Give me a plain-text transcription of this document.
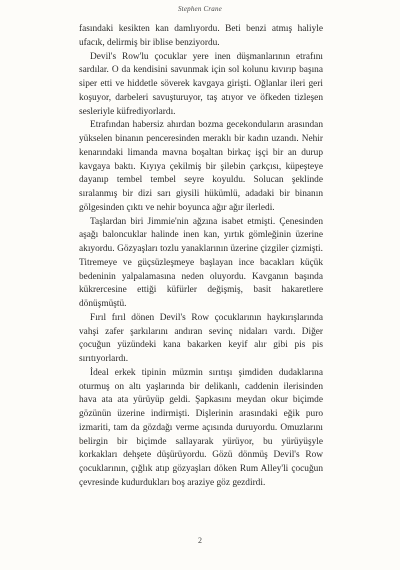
Stephen Crane

fasındaki kesikten kan damlıyordu. Beti benzi atmış haliyle ufacık, delirmiş bir iblise benziyordu.

Devil's Row'lu çocuklar yere inen düşmanlarının etrafını sardılar. O da kendisini savunmak için sol kolunu kıvırıp başına siper etti ve hiddetle söverek kavgaya girişti. Oğlanlar ileri geri koşuyor, darbeleri savuşturuyor, taş atıyor ve öfkeden tizleşen sesleriyle küfrediyorlardı.

Etrafından habersiz ahırdan bozma gecekonduların arasından yükselen binanın penceresinden meraklı bir kadın uzandı. Nehir kenarındaki limanda mavna boşaltan birkaç işçi bir an durup kavgaya baktı. Kıyıya çekilmiş bir şilebin çarkçısı, küpeşteye dayanıp tembel tembel seyre koyuldu. Solucan şeklinde sıralanmış bir dizi sarı giysili hükümlü, adadaki bir binanın gölgesinden çıktı ve nehir boyunca ağır ağır ilerledi.

Taşlardan biri Jimmie'nin ağzına isabet etmişti. Çenesinden aşağı baloncuklar halinde inen kan, yırtık gömleğinin üzerine akıyordu. Gözyaşları tozlu yanaklarının üzerine çizgiler çizmişti. Titremeye ve güçsüzleşmeye başlayan ince bacakları küçük bedeninin yalpalamasına neden oluyordu. Kavganın başında kükrercesine ettiği küfürler değişmiş, basit hakaretlere dönüşmüştü.

Fırıl fırıl dönen Devil's Row çocuklarının haykırışlarında vahşi zafer şarkılarını andıran sevinç nidaları vardı. Diğer çocuğun yüzündeki kana bakarken keyif alır gibi pis pis sırıtıyorlardı.

İdeal erkek tipinin müzmin sırıtışı şimdiden dudaklarına oturmuş on altı yaşlarında bir delikanlı, caddenin ilerisinden hava ata ata yürüyüp geldi. Şapkasını meydan okur biçimde gözünün üzerine indirmişti. Dişlerinin arasındaki eğik puro izmariti, tam da gözdağı verme açısında duruyordu. Omuzlarını belirgin bir biçimde sallayarak yürüyor, bu yürüyüşyle korkakları dehşete düşürüyordu. Gözü dönmüş Devil's Row çocuklarının, çığlık atıp gözyaşları döken Rum Alley'li çocuğun çevresinde kudurdukları boş araziye göz gezdirdi.

2
